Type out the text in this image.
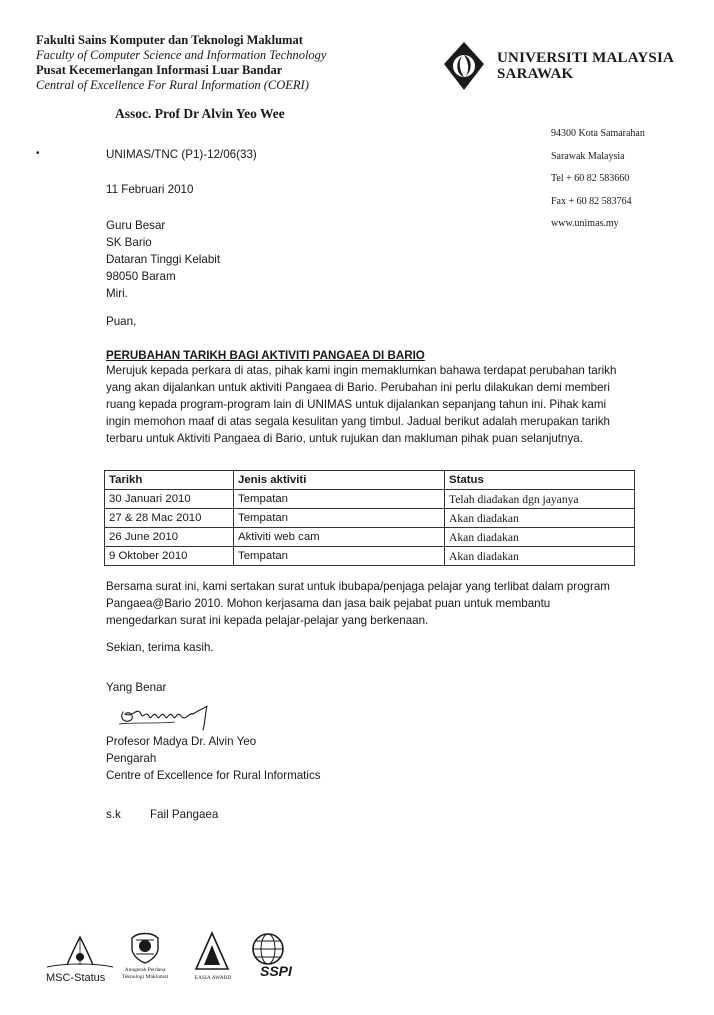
Fakulti Sains Komputer dan Teknologi Maklumat
Faculty of Computer Science and Information Technology
Pusat Kecemerlangan Informasi Luar Bandar
Central of Excellence For Rural Information (COERI)
UNIVERSITI MALAYSIA
SARAWAK
Assoc. Prof Dr Alvin Yeo Wee
94300 Kota Samarahan
Sarawak Malaysia
Tel + 60 82 583660
Fax + 60 82 583764
www.unimas.my
•	UNIMAS/TNC (P1)-12/06(33)
11 Februari 2010
Guru Besar
SK Bario
Dataran Tinggi Kelabit
98050 Baram
Miri.
Puan,
PERUBAHAN TARIKH BAGI AKTIVITI PANGAEA DI BARIO
Merujuk kepada perkara di atas, pihak kami ingin memaklumkan bahawa terdapat perubahan tarikh yang akan dijalankan untuk aktiviti Pangaea di Bario. Perubahan ini perlu dilakukan demi memberi ruang kepada program-program lain di UNIMAS untuk dijalankan sepanjang tahun ini. Pihak kami ingin memohon maaf di atas segala kesulitan yang timbul. Jadual berikut adalah merupakan tarikh terbaru untuk Aktiviti Pangaea di Bario, untuk rujukan dan makluman pihak puan selanjutnya.
Tarikh	Jenis aktiviti	Status
30 Januari 2010	Tempatan	Telah diadakan dgn jayanya
27 & 28 Mac 2010	Tempatan	Akan diadakan
26 June 2010	Aktiviti web cam	Akan diadakan
9 Oktober 2010	Tempatan	Akan diadakan
Bersama surat ini, kami sertakan surat untuk ibubapa/penjaga pelajar yang terlibat dalam program Pangaea@Bario 2010. Mohon kerjasama dan jasa baik pejabat puan untuk membantu mengedarkan surat ini kepada pelajar-pelajar yang berkenaan.
Sekian, terima kasih.
Yang Benar
Profesor Madya Dr. Alvin Yeo
Pengarah
Centre of Excellence for Rural Informatics
s.k	Fail Pangaea
MSC-Status
Anugerah Perdana
Teknologi Maklumat	EASIA AWARD	SSPI
